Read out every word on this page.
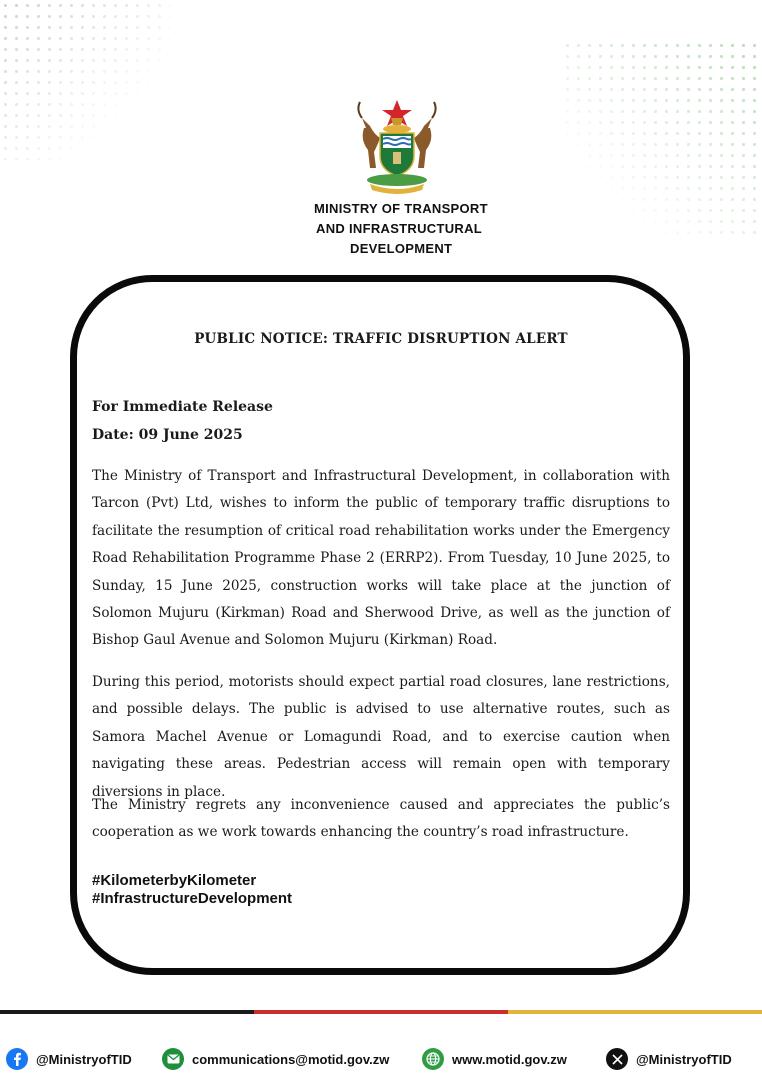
MINISTRY OF TRANSPORT
AND INFRASTRUCTURAL
DEVELOPMENT
PUBLIC NOTICE: TRAFFIC DISRUPTION ALERT
For Immediate Release
Date: 09 June 2025
The Ministry of Transport and Infrastructural Development, in collaboration with Tarcon (Pvt) Ltd, wishes to inform the public of temporary traffic disruptions to facilitate the resumption of critical road rehabilitation works under the Emergency Road Rehabilitation Programme Phase 2 (ERRP2). From Tuesday, 10 June 2025, to Sunday, 15 June 2025, construction works will take place at the junction of Solomon Mujuru (Kirkman) Road and Sherwood Drive, as well as the junction of Bishop Gaul Avenue and Solomon Mujuru (Kirkman) Road.
During this period, motorists should expect partial road closures, lane restrictions, and possible delays. The public is advised to use alternative routes, such as Samora Machel Avenue or Lomagundi Road, and to exercise caution when navigating these areas. Pedestrian access will remain open with temporary diversions in place.
The Ministry regrets any inconvenience caused and appreciates the public’s cooperation as we work towards enhancing the country’s road infrastructure.
#KilometerbyKilometer
#InfrastructureDevelopment
@MinistryofTID	communications@motid.gov.zw	www.motid.gov.zw	@MinistryofTID
